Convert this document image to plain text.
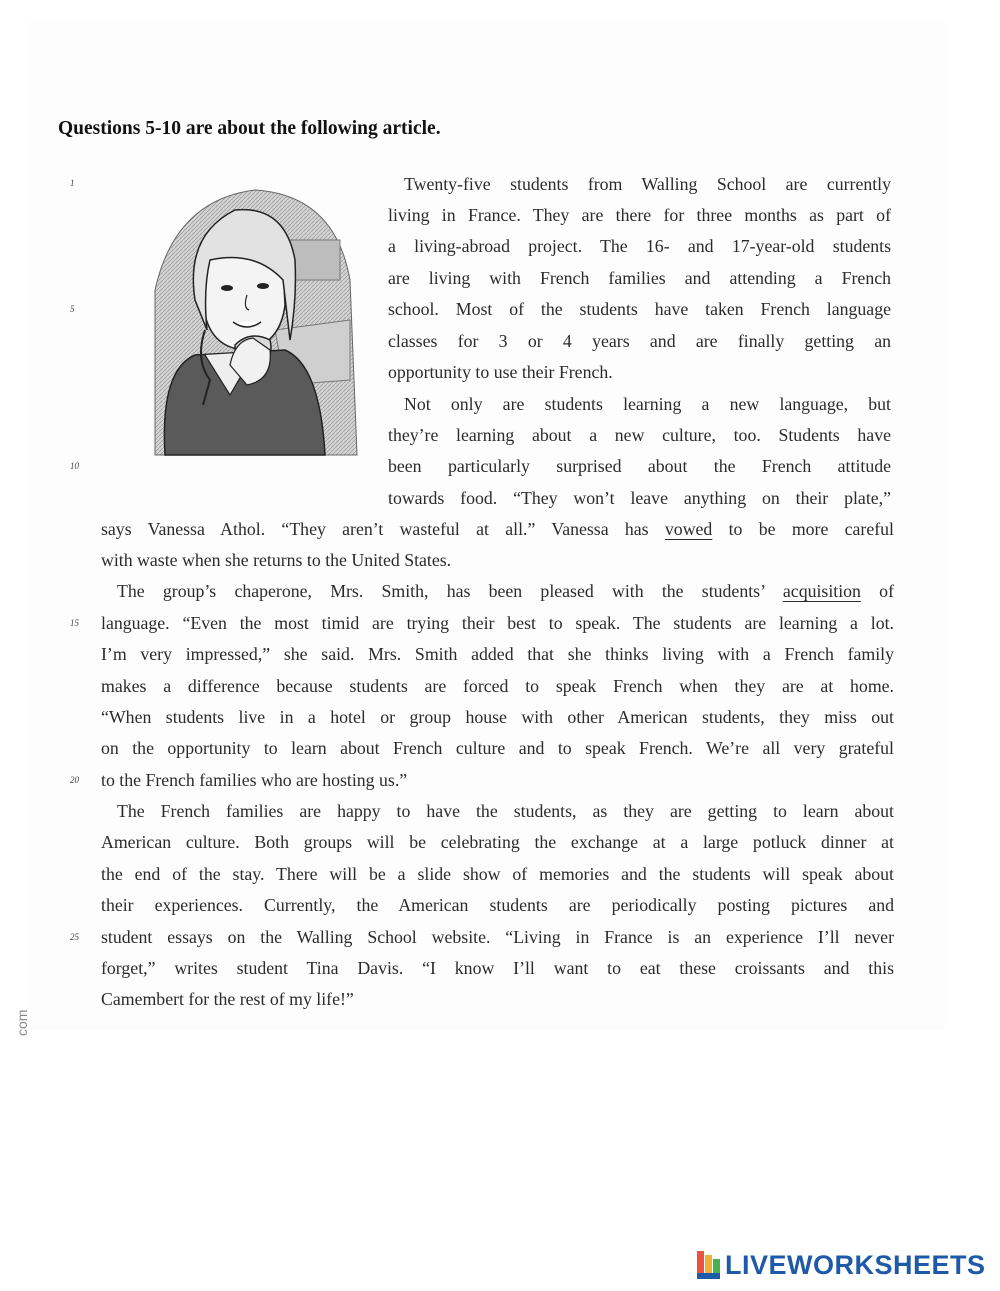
Questions 5-10 are about the following article.
1
5
10
15
20
25
Twenty-five students from Walling School are currently
living in France. They are there for three months as part of
a living-abroad project. The 16- and 17-year-old students
are living with French families and attending a French
school. Most of the students have taken French language
classes for 3 or 4 years and are finally getting an
opportunity to use their French.
Not only are students learning a new language, but
they’re learning about a new culture, too. Students have
been particularly surprised about the French attitude
towards food. “They won’t leave anything on their plate,”
says Vanessa Athol. “They aren’t wasteful at all.” Vanessa has vowed to be more careful
with waste when she returns to the United States.
The group’s chaperone, Mrs. Smith, has been pleased with the students’ acquisition of
language. “Even the most timid are trying their best to speak. The students are learning a lot.
I’m very impressed,” she said. Mrs. Smith added that she thinks living with a French family
makes a difference because students are forced to speak French when they are at home.
“When students live in a hotel or group house with other American students, they miss out
on the opportunity to learn about French culture and to speak French. We’re all very grateful
to the French families who are hosting us.”
The French families are happy to have the students, as they are getting to learn about
American culture. Both groups will be celebrating the exchange at a large potluck dinner at
the end of the stay. There will be a slide show of memories and the students will speak about
their experiences. Currently, the American students are periodically posting pictures and
student essays on the Walling School website. “Living in France is an experience I’ll never
forget,” writes student Tina Davis. “I know I’ll want to eat these croissants and this
Camembert for the rest of my life!”
com
LIVEWORKSHEETS
